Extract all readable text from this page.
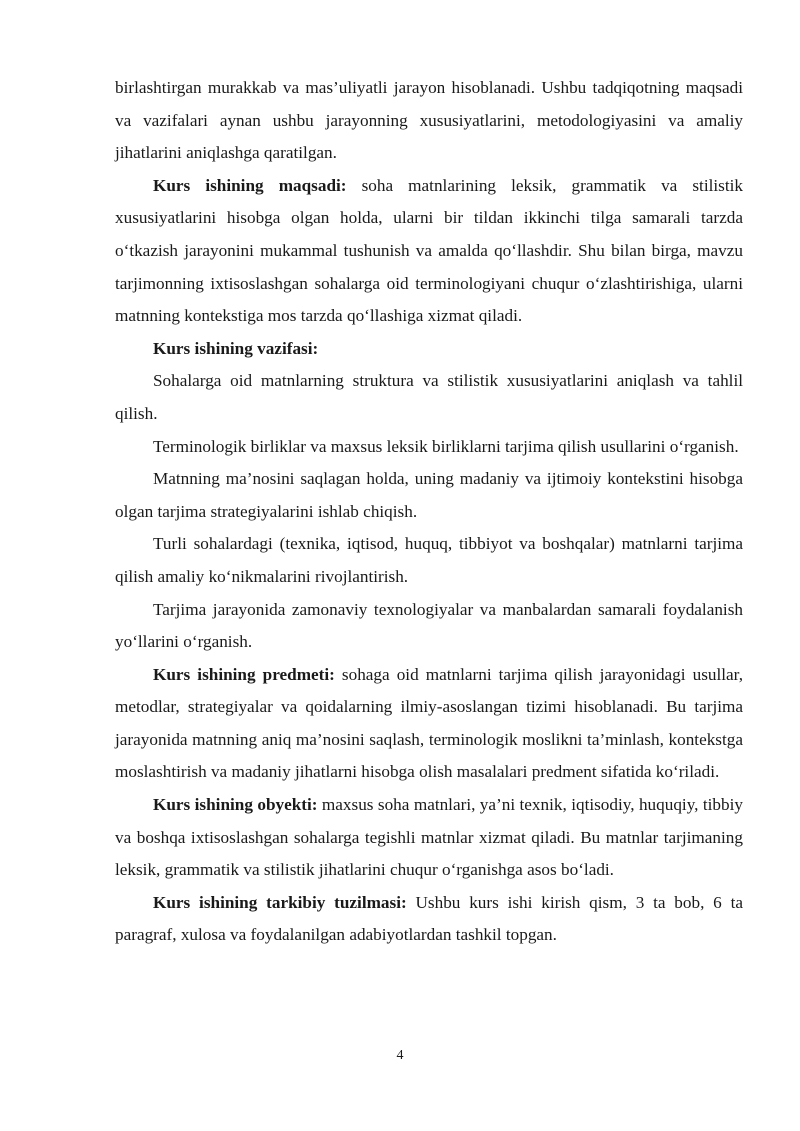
birlashtirgan murakkab va mas’uliyatli jarayon hisoblanadi. Ushbu tadqiqotning maqsadi va vazifalari aynan ushbu jarayonning xususiyatlarini, metodologiyasini va amaliy jihatlarini aniqlashga qaratilgan.

Kurs ishining maqsadi: soha matnlarining leksik, grammatik va stilistik xususiyatlarini hisobga olgan holda, ularni bir tildan ikkinchi tilga samarali tarzda o‘tkazish jarayonini mukammal tushunish va amalda qo‘llashdir. Shu bilan birga, mavzu tarjimonning ixtisoslashgan sohalarga oid terminologiyani chuqur o‘zlashtirishiga, ularni matnning kontekstiga mos tarzda qo‘llashiga xizmat qiladi.

Kurs ishining vazifasi:

Sohalarga oid matnlarning struktura va stilistik xususiyatlarini aniqlash va tahlil qilish.

Terminologik birliklar va maxsus leksik birliklarni tarjima qilish usullarini o‘rganish.

Matnning ma’nosini saqlagan holda, uning madaniy va ijtimoiy kontekstini hisobga olgan tarjima strategiyalarini ishlab chiqish.

Turli sohalardagi (texnika, iqtisod, huquq, tibbiyot va boshqalar) matnlarni tarjima qilish amaliy ko‘nikmalarini rivojlantirish.

Tarjima jarayonida zamonaviy texnologiyalar va manbalardan samarali foydalanish yo‘llarini o‘rganish.

Kurs ishining predmeti: sohaga oid matnlarni tarjima qilish jarayonidagi usullar, metodlar, strategiyalar va qoidalarning ilmiy-asoslangan tizimi hisoblanadi. Bu tarjima jarayonida matnning aniq ma’nosini saqlash, terminologik moslikni ta’minlash, kontekstga moslashtirish va madaniy jihatlarni hisobga olish masalalari predment sifatida ko‘riladi.

Kurs ishining obyekti: maxsus soha matnlari, ya’ni texnik, iqtisodiy, huquqiy, tibbiy va boshqa ixtisoslashgan sohalarga tegishli matnlar xizmat qiladi. Bu matnlar tarjimaning leksik, grammatik va stilistik jihatlarini chuqur o‘rganishga asos bo‘ladi.

Kurs ishining tarkibiy tuzilmasi: Ushbu kurs ishi kirish qism, 3 ta bob, 6 ta paragraf, xulosa va foydalanilgan adabiyotlardan tashkil topgan.

4
